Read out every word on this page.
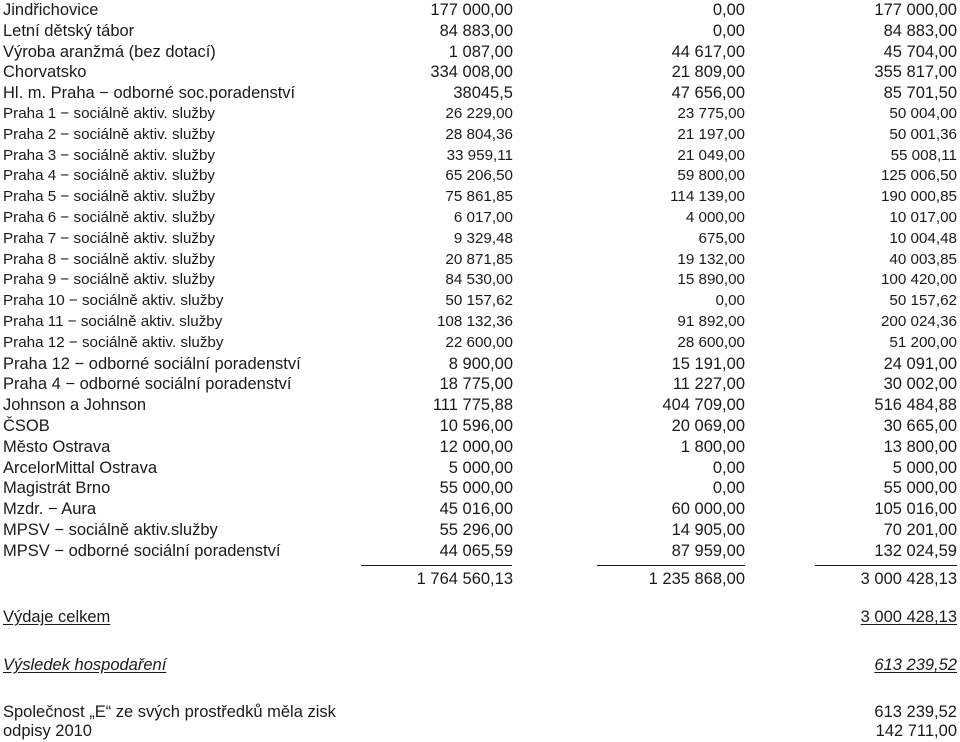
Jindřichovice	177 000,00	0,00	177 000,00
Letní dětský tábor	84 883,00	0,00	84 883,00
Výroba aranžmá (bez dotací)	1 087,00	44 617,00	45 704,00
Chorvatsko	334 008,00	21 809,00	355 817,00
Hl. m. Praha − odborné soc.poradenství	38045,5	47 656,00	85 701,50
Praha 1 − sociálně aktiv. služby	26 229,00	23 775,00	50 004,00
Praha 2 − sociálně aktiv. služby	28 804,36	21 197,00	50 001,36
Praha 3 − sociálně aktiv. služby	33 959,11	21 049,00	55 008,11
Praha 4 − sociálně aktiv. služby	65 206,50	59 800,00	125 006,50
Praha 5 − sociálně aktiv. služby	75 861,85	114 139,00	190 000,85
Praha 6 − sociálně aktiv. služby	6 017,00	4 000,00	10 017,00
Praha 7 − sociálně aktiv. služby	9 329,48	675,00	10 004,48
Praha 8 − sociálně aktiv. služby	20 871,85	19 132,00	40 003,85
Praha 9 − sociálně aktiv. služby	84 530,00	15 890,00	100 420,00
Praha 10 − sociálně aktiv. služby	50 157,62	0,00	50 157,62
Praha 11 − sociálně aktiv. služby	108 132,36	91 892,00	200 024,36
Praha 12 − sociálně aktiv. služby	22 600,00	28 600,00	51 200,00
Praha 12 − odborné sociální poradenství	8 900,00	15 191,00	24 091,00
Praha 4 − odborné sociální poradenství	18 775,00	11 227,00	30 002,00
Johnson a Johnson	111 775,88	404 709,00	516 484,88
ČSOB	10 596,00	20 069,00	30 665,00
Město Ostrava	12 000,00	1 800,00	13 800,00
ArcelorMittal Ostrava	5 000,00	0,00	5 000,00
Magistrát Brno	55 000,00	0,00	55 000,00
Mzdr. − Aura	45 016,00	60 000,00	105 016,00
MPSV − sociálně aktiv.služby	55 296,00	14 905,00	70 201,00
MPSV − odborné sociální poradenství	44 065,59	87 959,00	132 024,59
1 764 560,13	1 235 868,00	3 000 428,13
Výdaje celkem	3 000 428,13
Výsledek hospodaření	613 239,52
Společnost „E“ ze svých prostředků měla zisk	613 239,52
odpisy 2010	142 711,00
